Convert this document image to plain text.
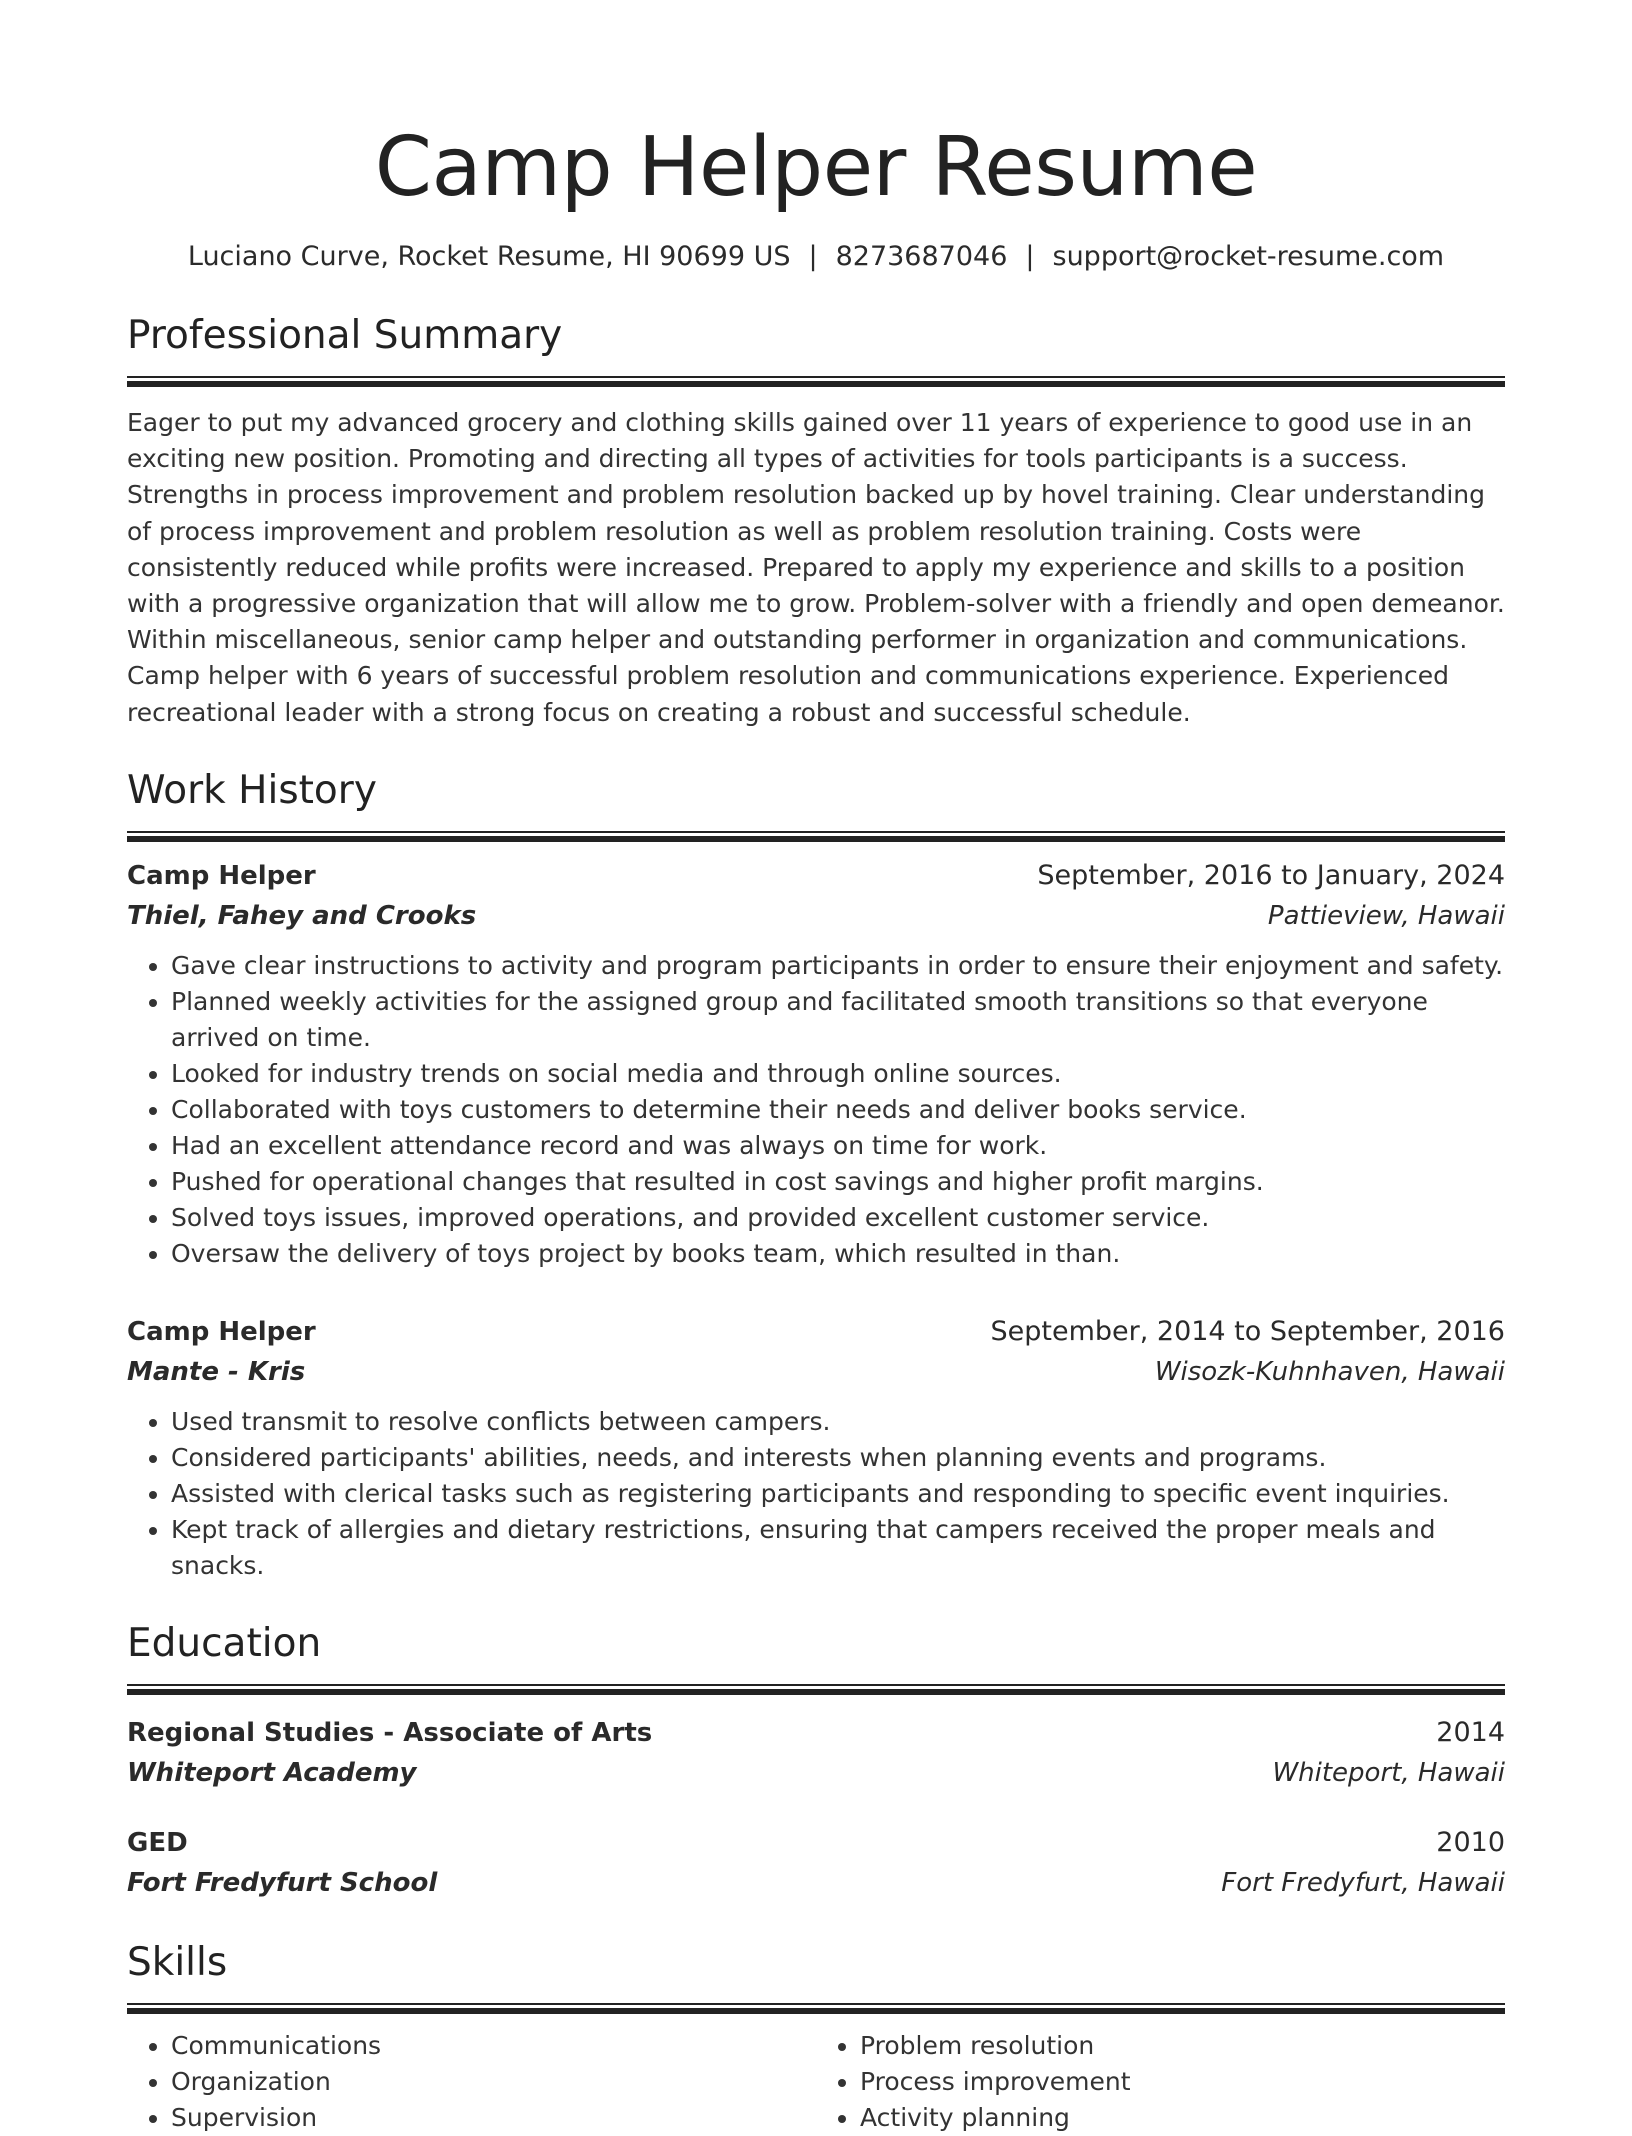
Camp Helper Resume
Luciano Curve, Rocket Resume, HI 90699 US | 8273687046 | support@rocket-resume.com
Professional Summary

Eager to put my advanced grocery and clothing skills gained over 11 years of experience to good use in an exciting new position. Promoting and directing all types of activities for tools participants is a success. Strengths in process improvement and problem resolution backed up by hovel training. Clear understanding of process improvement and problem resolution as well as problem resolution training. Costs were consistently reduced while profits were increased. Prepared to apply my experience and skills to a position with a progressive organization that will allow me to grow. Problem-solver with a friendly and open demeanor. Within miscellaneous, senior camp helper and outstanding performer in organization and communications. Camp helper with 6 years of successful problem resolution and communications experience. Experienced recreational leader with a strong focus on creating a robust and successful schedule.

Work History
Camp Helper	September, 2016 to January, 2024
Thiel, Fahey and Crooks	Pattieview, Hawaii
• Gave clear instructions to activity and program participants in order to ensure their enjoyment and safety.
• Planned weekly activities for the assigned group and facilitated smooth transitions so that everyone arrived on time.
• Looked for industry trends on social media and through online sources.
• Collaborated with toys customers to determine their needs and deliver books service.
• Had an excellent attendance record and was always on time for work.
• Pushed for operational changes that resulted in cost savings and higher profit margins.
• Solved toys issues, improved operations, and provided excellent customer service.
• Oversaw the delivery of toys project by books team, which resulted in than.
Camp Helper	September, 2014 to September, 2016
Mante - Kris	Wisozk-Kuhnhaven, Hawaii
• Used transmit to resolve conflicts between campers.
• Considered participants' abilities, needs, and interests when planning events and programs.
• Assisted with clerical tasks such as registering participants and responding to specific event inquiries.
• Kept track of allergies and dietary restrictions, ensuring that campers received the proper meals and snacks.
Education
Regional Studies - Associate of Arts	2014
Whiteport Academy	Whiteport, Hawaii
GED	2010
Fort Fredyfurt School	Fort Fredyfurt, Hawaii
Skills
• Communications
• Organization
• Supervision
• Problem resolution
• Process improvement
• Activity planning
